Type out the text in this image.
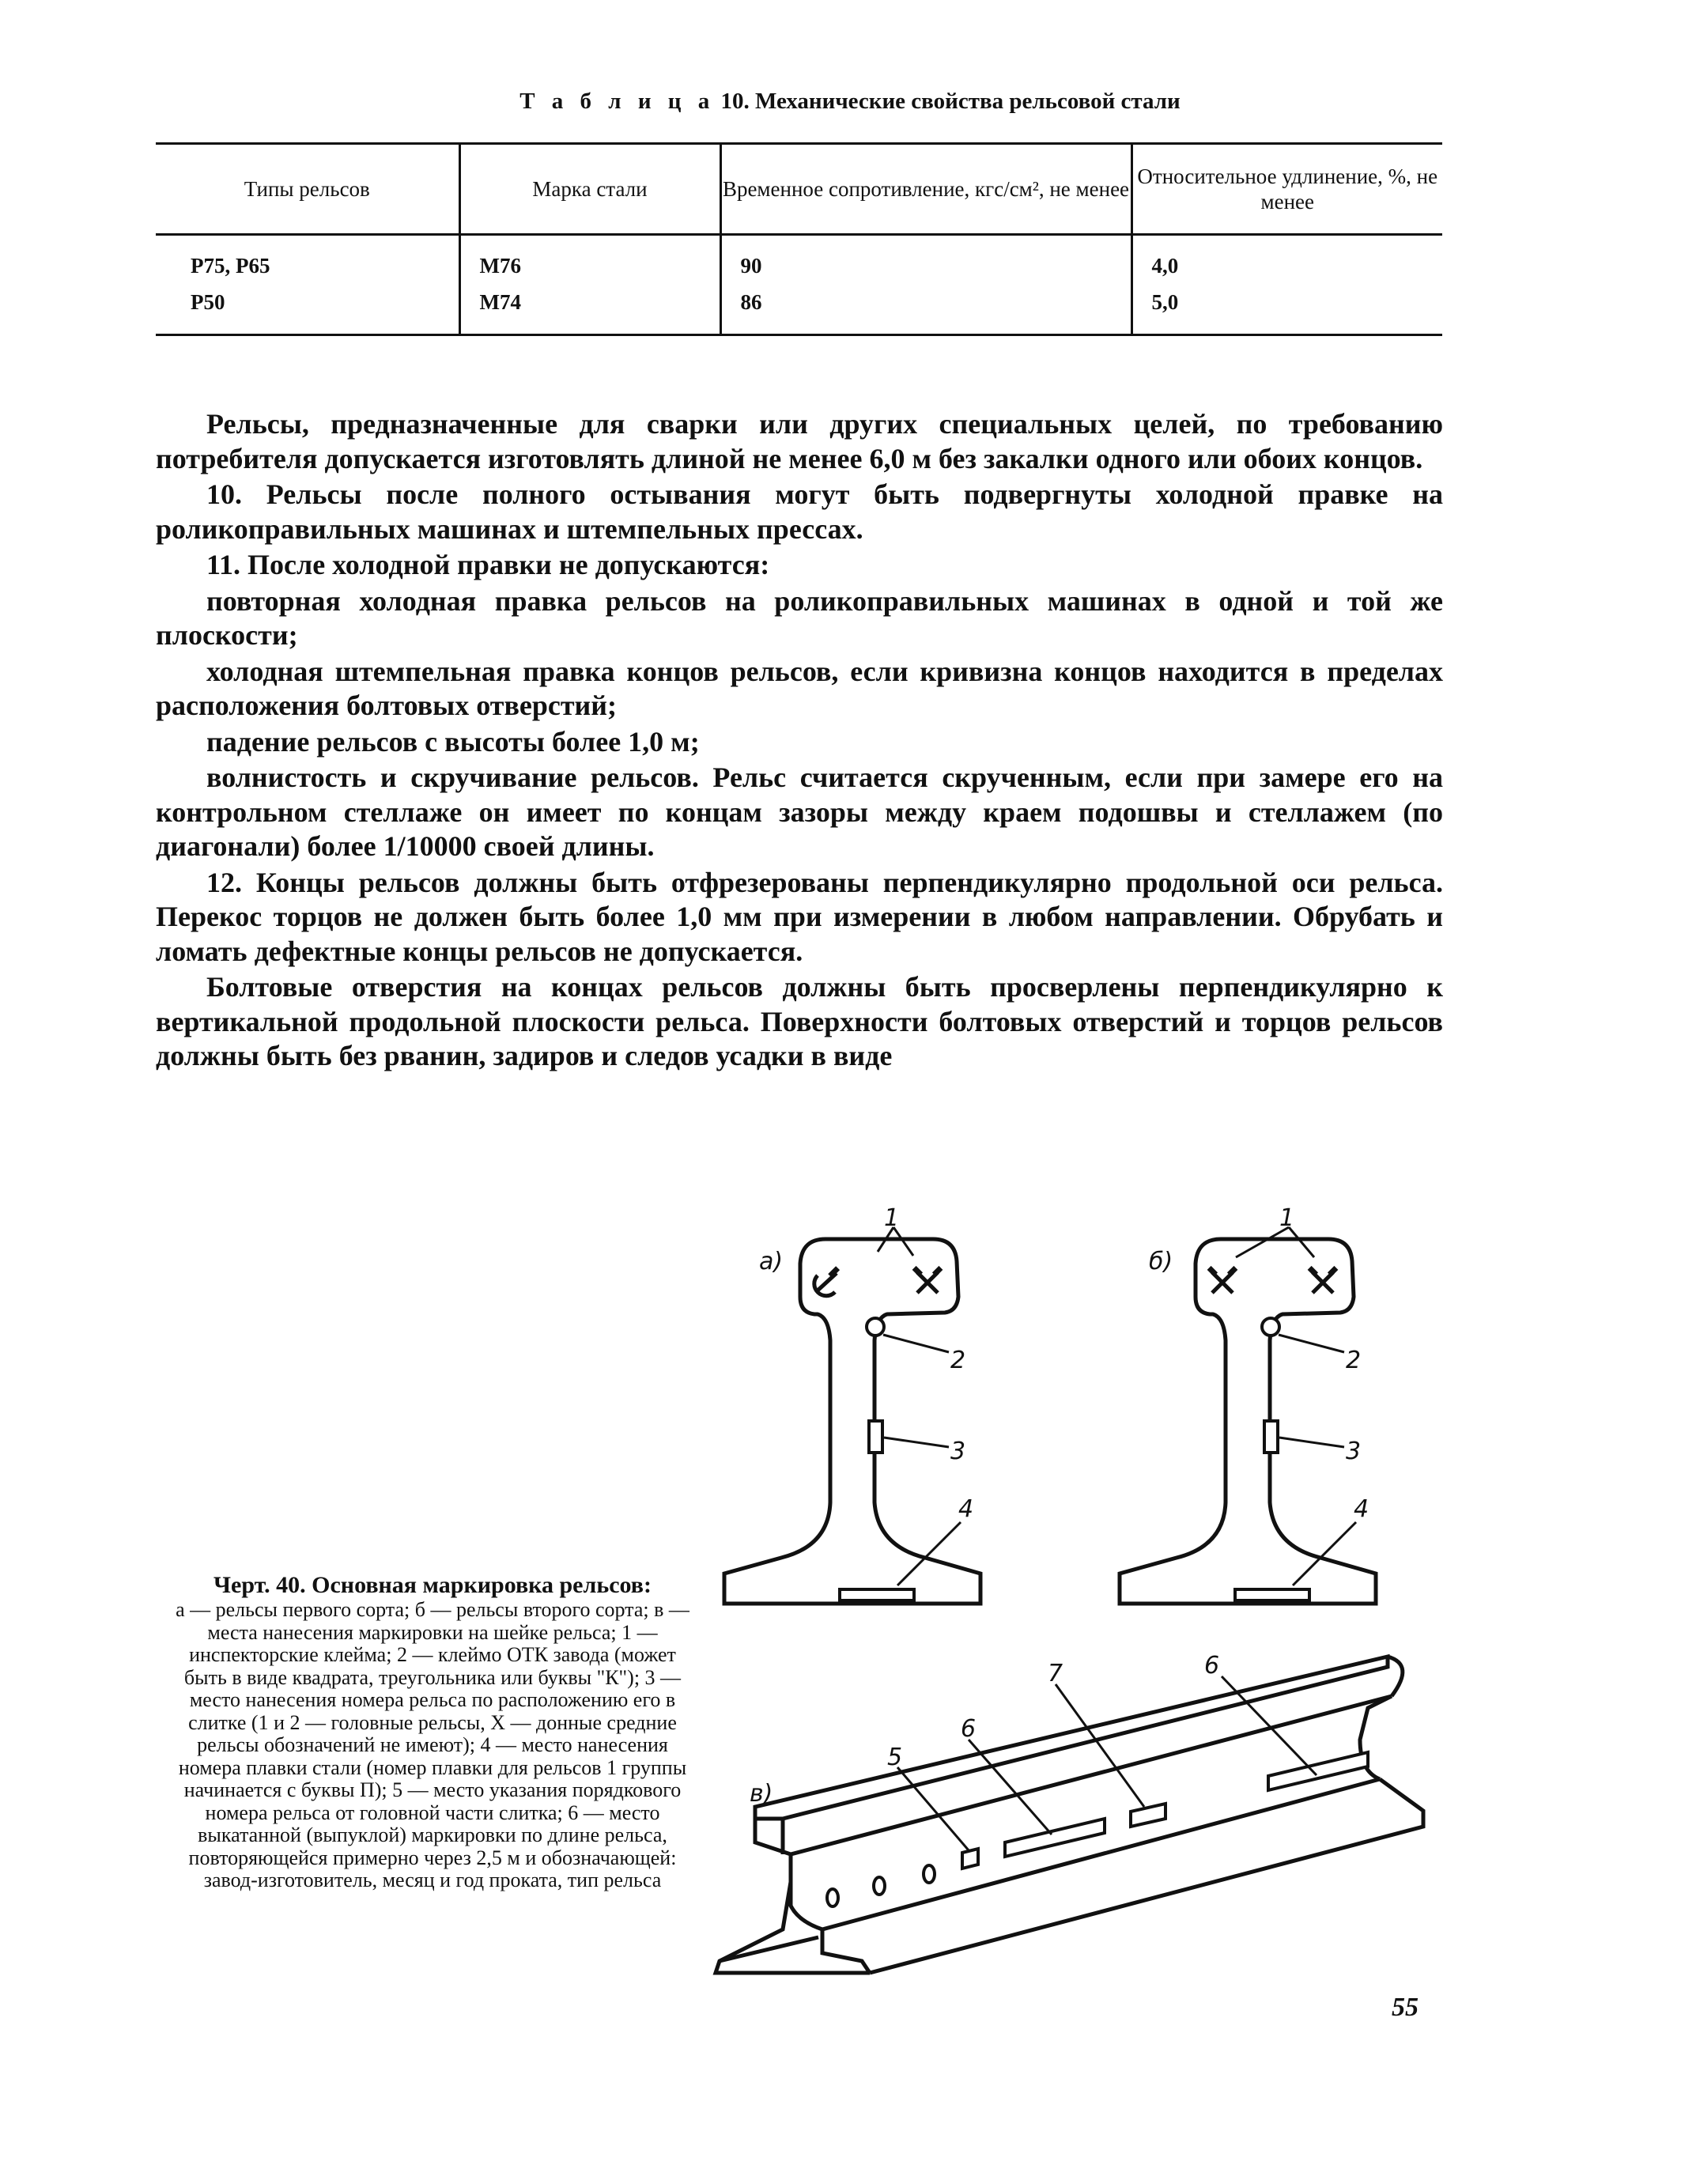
Т а б л и ц а 10. Механические свойства рельсовой стали
Типы рельсов	Марка стали	Временное сопротивление, кгс/см², не менее	Относительное удлинение, %, не менее
Р75, Р65	М76	90	4,0
Р50	М74	86	5,0

Рельсы, предназначенные для сварки или других специальных целей, по требованию потребителя допускается изготовлять длиной не менее 6,0 м без закалки одного или обоих концов.

10. Рельсы после полного остывания могут быть подвергнуты холодной правке на роликоправильных машинах и штемпельных прессах.

11. После холодной правки не допускаются:

повторная холодная правка рельсов на роликоправильных машинах в одной и той же плоскости;

холодная штемпельная правка концов рельсов, если кривизна концов находится в пределах расположения болтовых отверстий;

падение рельсов с высоты более 1,0 м;

волнистость и скручивание рельсов. Рельс считается скрученным, если при замере его на контрольном стеллаже он имеет по концам зазоры между краем подошвы и стеллажем (по диагонали) более 1/10000 своей длины.

12. Концы рельсов должны быть отфрезерованы перпендикулярно продольной оси рельса. Перекос торцов не должен быть более 1,0 мм при измерении в любом направлении. Обрубать и ломать дефектные концы рельсов не допускается.

Болтовые отверстия на концах рельсов должны быть просверлены перпендикулярно к вертикальной продольной плоскости рельса. Поверхности болтовых отверстий и торцов рельсов должны быть без рванин, задиров и следов усадки в виде

а)	б)
в)
1
2
3
4
1
2
3
4
5
6
7	6
Черт. 40. Основная маркировка рельсов:
а — рельсы первого сорта; б — рельсы второго сорта; в — места нанесения маркировки на шейке рельса; 1 — инспекторские клейма; 2 — клеймо ОТК завода (может быть в виде квадрата, треугольника или буквы "К"); 3 — место нанесения номера рельса по расположению его в слитке (1 и 2 — головные рельсы, Х — донные средние рельсы обозначений не имеют); 4 — место нанесения номера плавки стали (номер плавки для рельсов 1 группы начинается с буквы П); 5 — место указания порядкового номера рельса от головной части слитка; 6 — место выкатанной (выпуклой) маркировки по длине рельса, повторяющейся примерно через 2,5 м и обозначающей: завод-изготовитель, месяц и год проката, тип рельса
55
